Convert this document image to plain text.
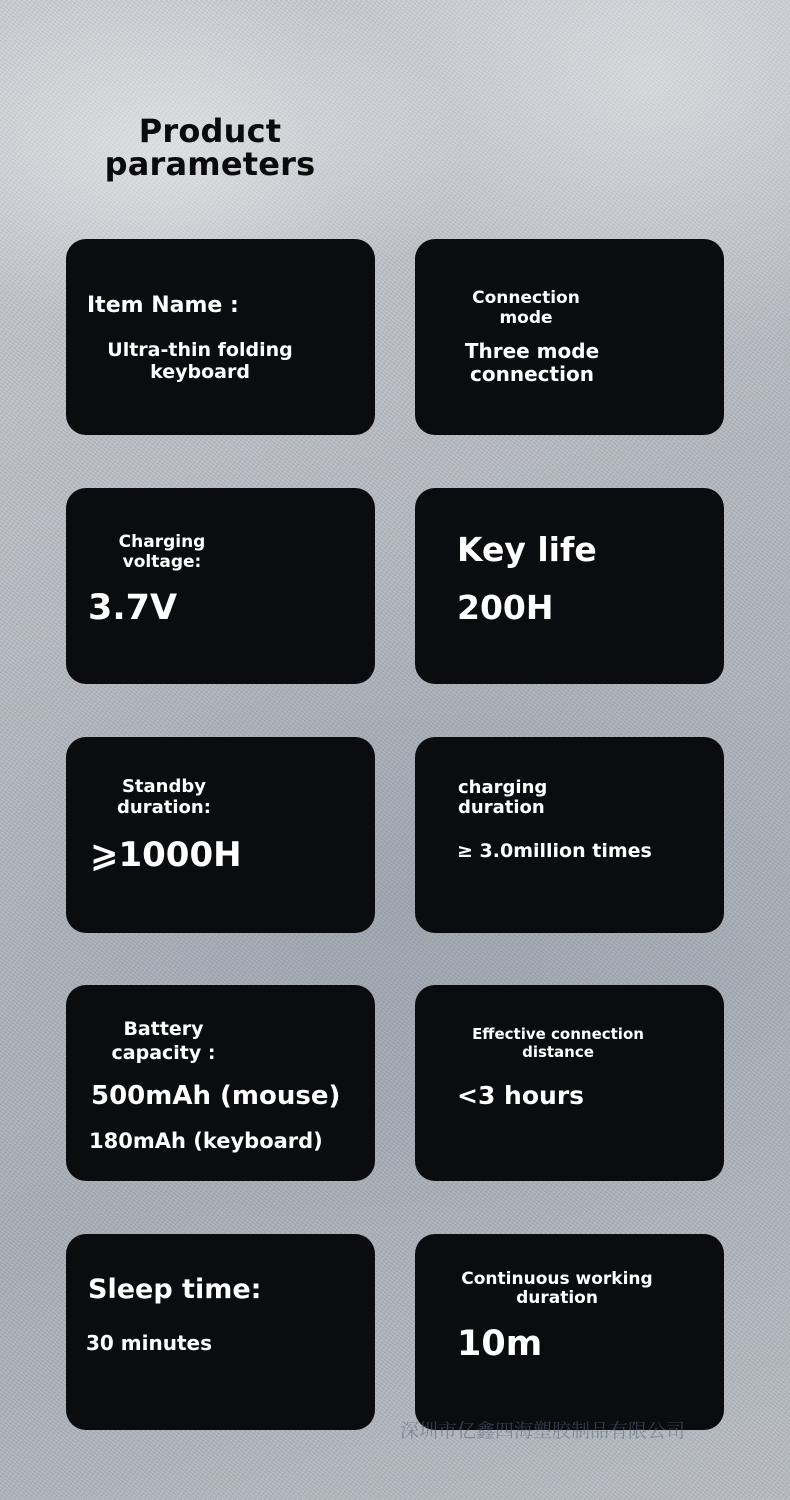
Product
parameters
Item Name :
Ultra-thin folding
keyboard
Connection
mode
Three mode
connection
Charging
voltage:
3.7V
Key life
200H
Standby
duration:
⩾1000H
charging
duration
≥ 3.0million times
Battery
capacity :
500mAh (mouse)
180mAh (keyboard)
Effective connection
distance
<3 hours
Sleep time:
30 minutes
Continuous working
duration
10m
深圳市亿鑫四海塑胶制品有限公司
